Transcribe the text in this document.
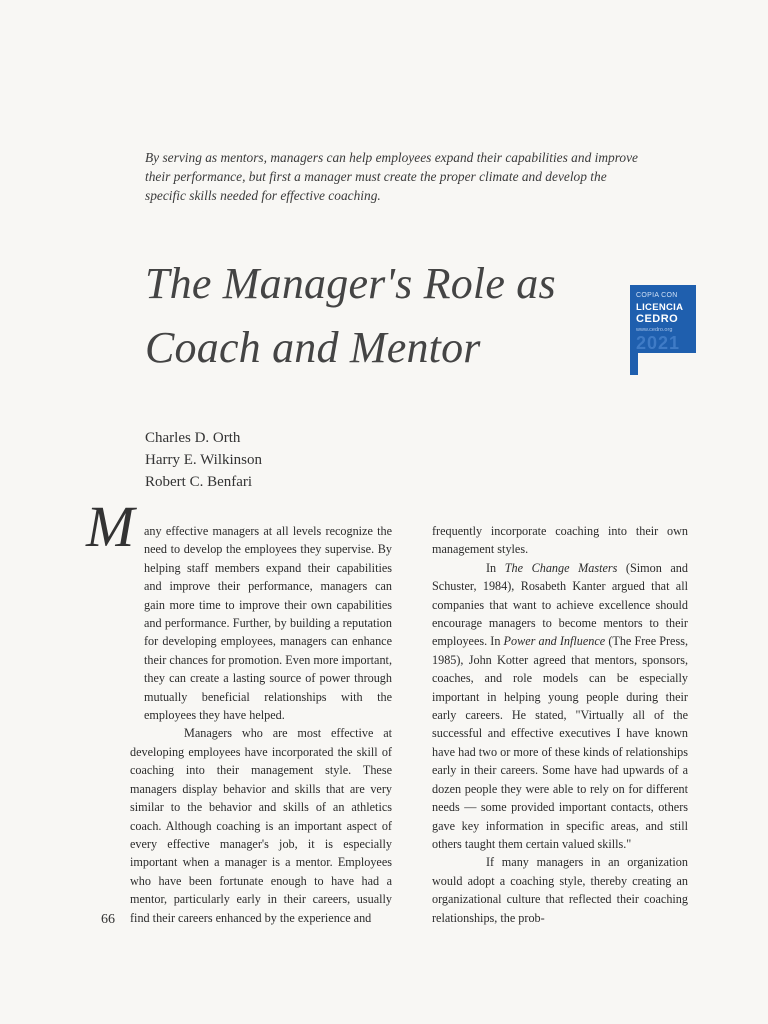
By serving as mentors, managers can help employees expand their capabilities and improve their performance, but first a manager must create the proper climate and develop the specific skills needed for effective coaching.

The Manager's Role as
Coach and Mentor
COPIA CON
LICENCIA
CEDRO
www.cedro.org
2021
Charles D. Orth
Harry E. Wilkinson
Robert C. Benfari
M any effective managers at all levels recognize the need to develop the employees they supervise. By helping staff members expand their capabilities and improve their performance, managers can gain more time to improve their own capabilities and performance. Further, by building a reputation for developing employees, managers can enhance their chances for promotion. Even more important, they can create a lasting source of power through mutually beneficial relationships with the employees they have helped.

Managers who are most effective at developing employees have incorporated the skill of coaching into their management style. These managers display behavior and skills that are very similar to the behavior and skills of an athletics coach. Although coaching is an important aspect of every effective manager's job, it is especially important when a manager is a mentor. Employees who have been fortunate enough to have had a mentor, particularly early in their careers, usually find their careers enhanced by the experience and

frequently incorporate coaching into their own management styles.

In The Change Masters (Simon and Schuster, 1984), Rosabeth Kanter argued that all companies that want to achieve excellence should encourage managers to become mentors to their employees. In Power and Influence (The Free Press, 1985), John Kotter agreed that mentors, sponsors, coaches, and role models can be especially important in helping young people during their early careers. He stated, "Virtually all of the successful and effective executives I have known have had two or more of these kinds of relationships early in their careers. Some have had upwards of a dozen people they were able to rely on for different needs — some provided important contacts, others gave key information in specific areas, and still others taught them certain valued skills."

If many managers in an organization would adopt a coaching style, thereby creating an organizational culture that reflected their coaching relationships, the prob-

66
